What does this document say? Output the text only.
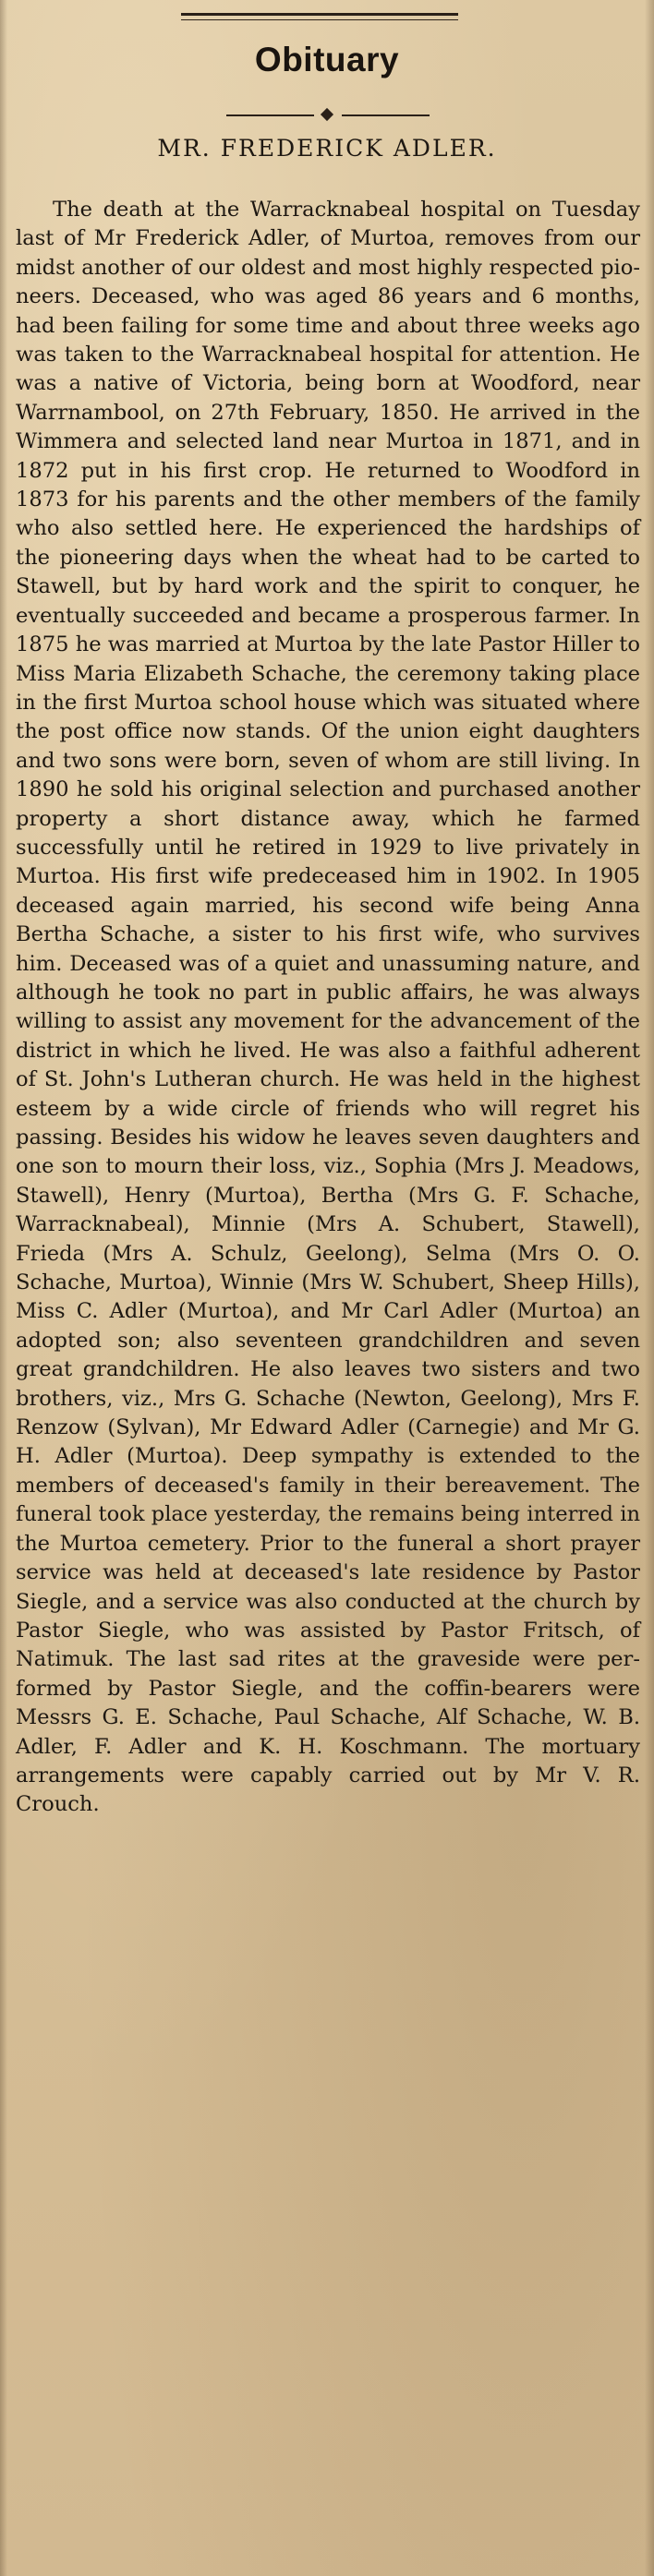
Obituary
MR. FREDERICK ADLER.
The death at the Warracknabeal hospital on Tuesday last of Mr Frederick Adler, of Murtoa, removes from our midst another of our oldest and most highly respected pioneers. Deceased, who was aged 86 years and 6 months, had been failing for some time and about three weeks ago was taken to the Warracknabeal hospital for attention. He was a native of Victoria, being born at Woodford, near Warrnambool, on 27th February, 1850. He arrived in the Wimmera and selected land near Murtoa in 1871, and in 1872 put in his first crop. He returned to Woodford in 1873 for his parents and the other members of the family who also settled here. He experienced the hardships of the pioneering days when the wheat had to be carted to Stawell, but by hard work and the spirit to conquer, he eventually succeeded and became a prosperous farmer. In 1875 he was married at Murtoa by the late Pastor Hiller to Miss Maria Elizabeth Schache, the ceremony taking place in the first Murtoa school house which was situated where the post office now stands. Of the union eight daughters and two sons were born, seven of whom are still living. In 1890 he sold his original selection and purchased another property a short distance away, which he farmed successfully until he retired in 1929 to live privately in Murtoa. His first wife predeceased him in 1902. In 1905 deceased again married, his second wife being Anna Bertha Schache, a sister to his first wife, who survives him. Deceased was of a quiet and unassuming nature, and although he took no part in public affairs, he was always willing to assist any movement for the advancement of the district in which he lived. He was also a faithful adherent of St. John's Lutheran church. He was held in the highest esteem by a wide circle of friends who will regret his passing. Besides his widow he leaves seven daughters and one son to mourn their loss, viz., Sophia (Mrs J. Meadows, Stawell), Henry (Murtoa), Bertha (Mrs G. F. Schache, Warracknabeal), Minnie (Mrs A. Schubert, Stawell), Frieda (Mrs A. Schulz, Geelong), Selma (Mrs O. O. Schache, Murtoa), Winnie (Mrs W. Schubert, Sheep Hills), Miss C. Adler (Murtoa), and Mr Carl Adler (Murtoa) an adopted son; also seventeen grandchildren and seven great grandchildren. He also leaves two sisters and two brothers, viz., Mrs G. Schache (Newton, Geelong), Mrs F. Renzow (Sylvan), Mr Edward Adler (Carnegie) and Mr G. H. Adler (Murtoa). Deep sympathy is extended to the members of deceased's family in their bereavement. The funeral took place yesterday, the remains being interred in the Murtoa cemetery. Prior to the funeral a short prayer service was held at deceased's late residence by Pastor Siegle, and a service was also conducted at the church by Pastor Siegle, who was assisted by Pastor Fritsch, of Natimuk. The last sad rites at the graveside were performed by Pastor Siegle, and the coffin-bearers were Messrs G. E. Schache, Paul Schache, Alf Schache, W. B. Adler, F. Adler and K. H. Koschmann. The mortuary arrangements were capably carried out by Mr V. R. Crouch.
